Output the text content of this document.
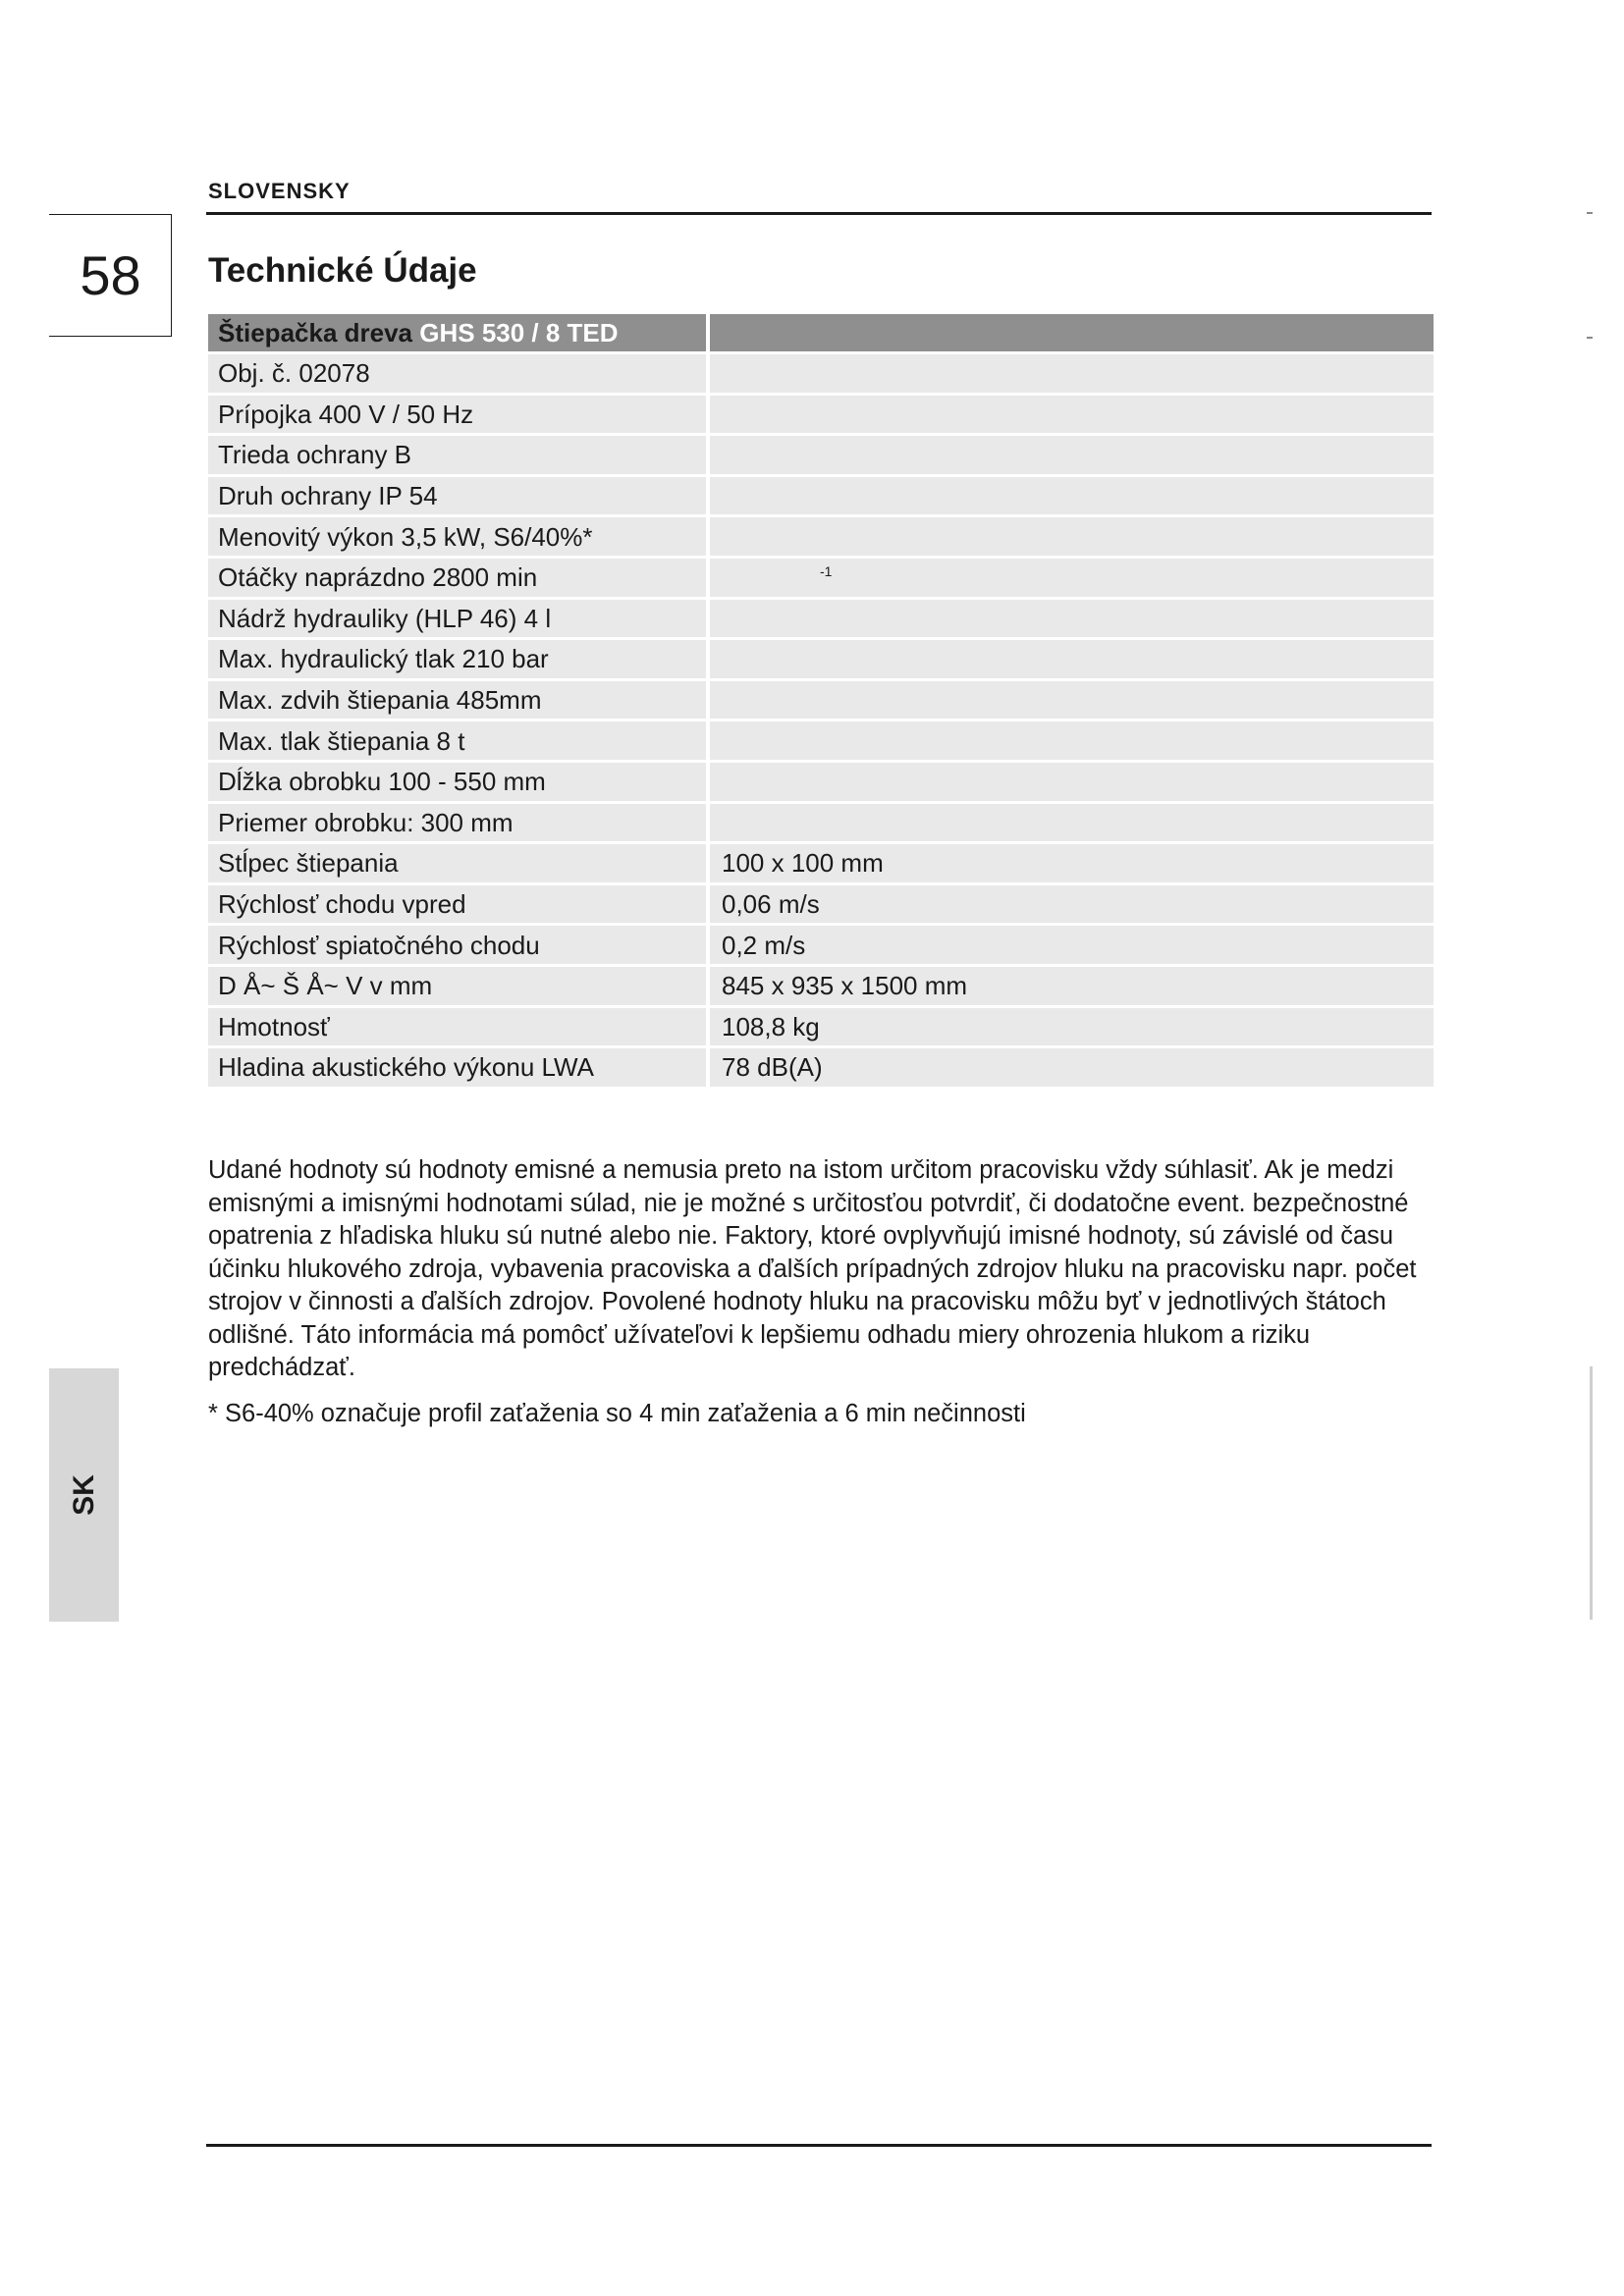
SLOVENSKY
58	Technické Údaje
Štiepačka dreva GHS 530 / 8 TED	
Obj. č. 02078	
Prípojka 400 V / 50 Hz	
Trieda ochrany B	
Druh ochrany IP 54	
Menovitý výkon 3,5 kW, S6/40%*	
Otáčky naprázdno 2800 min	$^{-1}$
Nádrž hydrauliky (HLP 46) 4 l	
Max. hydraulický tlak 210 bar	
Max. zdvih štiepania 485mm	
Max. tlak štiepania 8 t	
Dĺžka obrobku 100 - 550 mm	
Priemer obrobku: 300 mm	
Stĺpec štiepania	100 x 100 mm
Rýchlosť chodu vpred	0,06 m/s
Rýchlosť spiatočného chodu	0,2 m/s
D Å~ Š Å~ V v mm	845 x 935 x 1500 mm
Hmotnosť	108,8 kg
Hladina akustického výkonu LWA	78 dB(A)
Udané hodnoty sú hodnoty emisné a nemusia preto na istom určitom pracovisku vždy súhlasiť. Ak je medzi emisnými a imisnými hodnotami súlad, nie je možné s určitosťou potvrdiť, či dodatočne event. bezpečnostné opatrenia z hľadiska hluku sú nutné alebo nie. Faktory, ktoré ovplyvňujú imisné hodnoty, sú závislé od času účinku hlukového zdroja, vybavenia pracoviska a ďalších prípadných zdrojov hluku na pracovisku napr. počet strojov v činnosti a ďalších zdrojov. Povolené hodnoty hluku na pracovisku môžu byť v jednotlivých štátoch odlišné. Táto informácia má pomôcť užívateľovi k lepšiemu odhadu miery ohrozenia hlukom a riziku predchádzať.
* S6-40% označuje profil zaťaženia so 4 min zaťaženia a 6 min nečinnosti
SK
